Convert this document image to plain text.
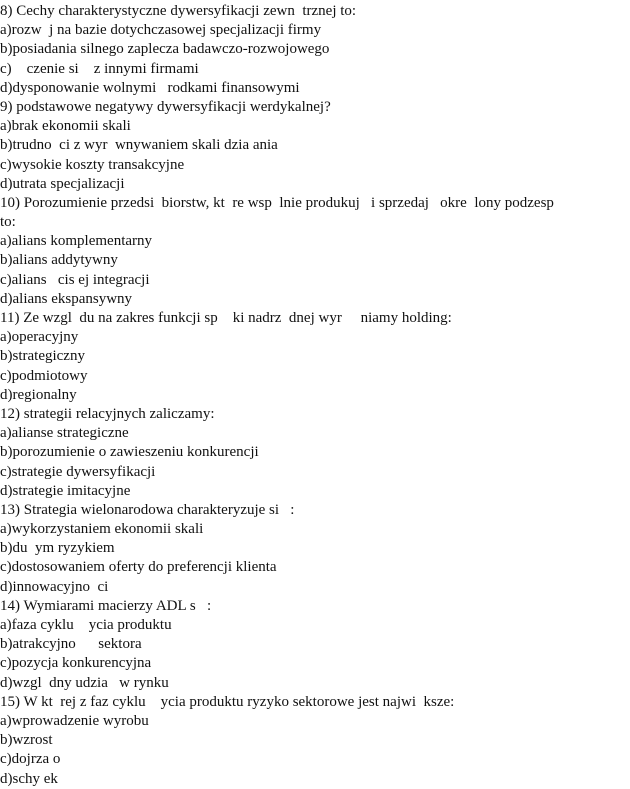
8) Cechy charakterystyczne dywersyfikacji zewn  trznej to:
a)rozw  j na bazie dotychczasowej specjalizacji firmy
b)posiadania silnego zaplecza badawczo-rozwojowego
c)    czenie si    z innymi firmami
d)dysponowanie wolnymi   rodkami finansowymi
9) podstawowe negatywy dywersyfikacji werdykalnej?
a)brak ekonomii skali
b)trudno  ci z wyr  wnywaniem skali dzia ania
c)wysokie koszty transakcyjne
d)utrata specjalizacji
10) Porozumienie przedsi  biorstw, kt  re wsp  lnie produkuj   i sprzedaj   okre  lony podzesp
to:
a)alians komplementarny
b)alians addytywny
c)alians   cis ej integracji
d)alians ekspansywny
11) Ze wzgl  du na zakres funkcji sp    ki nadrz  dnej wyr     niamy holding:
a)operacyjny
b)strategiczny
c)podmiotowy
d)regionalny
12) strategii relacyjnych zaliczamy:
a)alianse strategiczne
b)porozumienie o zawieszeniu konkurencji
c)strategie dywersyfikacji
d)strategie imitacyjne
13) Strategia wielonarodowa charakteryzuje si   :
a)wykorzystaniem ekonomii skali
b)du  ym ryzykiem
c)dostosowaniem oferty do preferencji klienta
d)innowacyjno  ci
14) Wymiarami macierzy ADL s   :
a)faza cyklu    ycia produktu
b)atrakcyjno      sektora
c)pozycja konkurencyjna
d)wzgl  dny udzia   w rynku
15) W kt  rej z faz cyklu    ycia produktu ryzyko sektorowe jest najwi  ksze:
a)wprowadzenie wyrobu
b)wzrost
c)dojrza o
d)schy ek
